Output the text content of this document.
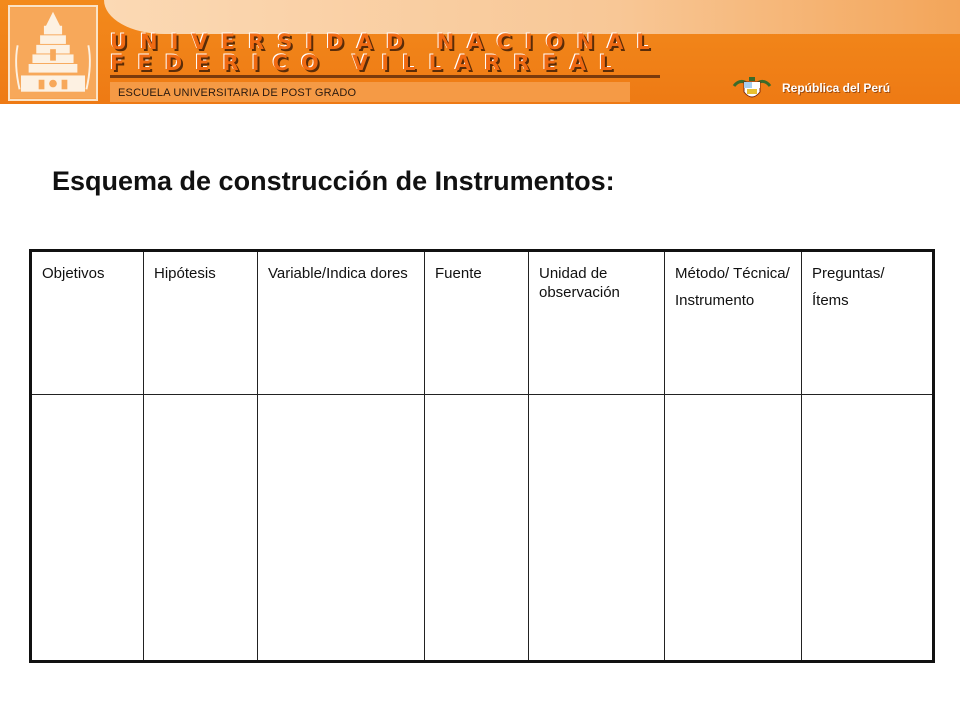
UNIVERSIDAD NACIONAL
FEDERICO VILLARREAL
ESCUELA UNIVERSITARIA DE POST GRADO	República del Perú
Esquema de construcción de Instrumentos:
Objetivos	Hipótesis	Variable/Indica dores	Fuente	Unidad de observación	Método/ Técnica/ Instrumento	Preguntas/ Ítems
